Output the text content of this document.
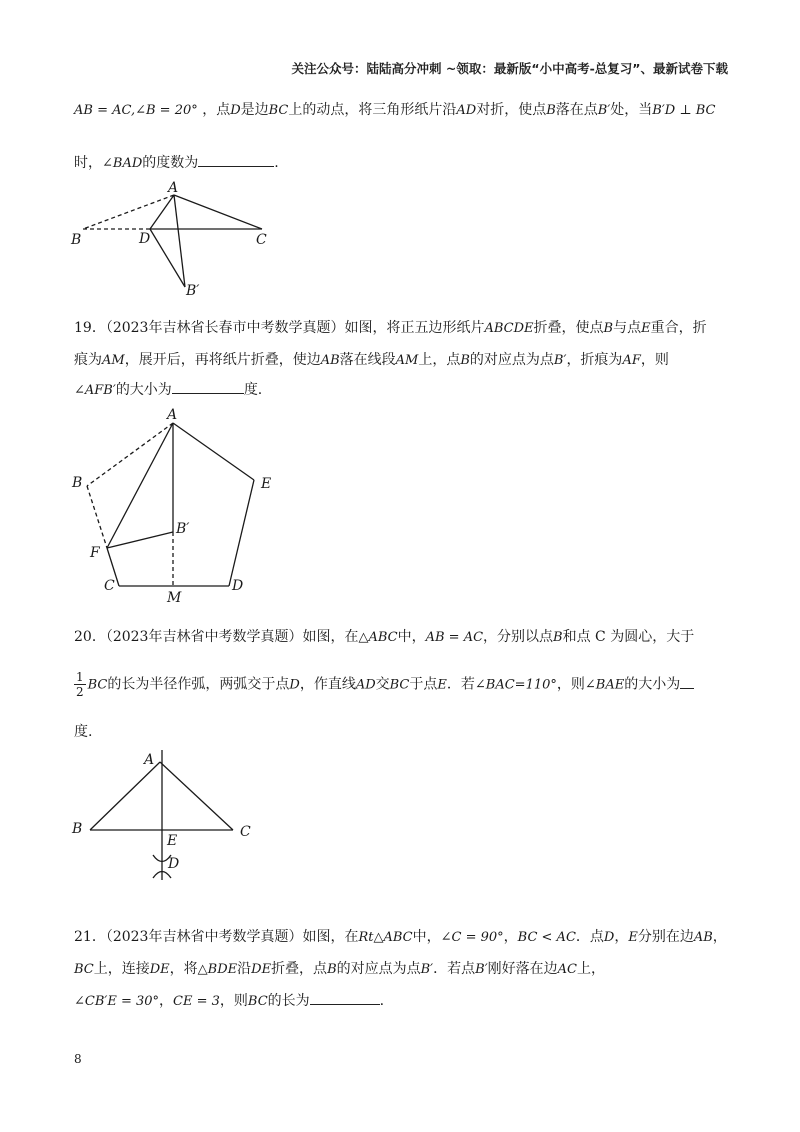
关注公众号：陆陆高分冲刺 ~领取：最新版“小中高考-总复习”、最新试卷下载
AB = AC,∠B = 20° ，点D是边BC上的动点，将三角形纸片沿AD对折，使点B落在点B′处，当B′D ⊥ BC
时，∠BAD的度数为	.
A
B	D	C
B′
A
B	E
B′
F
C	D
M
A
B	C
E
D
19．（2023年吉林省长春市中考数学真题）如图，将正五边形纸片ABCDE折叠，使点B与点E重合，折
痕为AM，展开后，再将纸片折叠，使边AB落在线段AM上，点B的对应点为点B′，折痕为AF，则
∠AFB′的大小为	度.
20．（2023年吉林省中考数学真题）如图，在△ABC中，AB = AC，分别以点B和点 C 为圆心，大于
$\frac{1}{2}$ BC的长为半径作弧，两弧交于点D，作直线AD交BC于点E．若∠BAC=110°，则∠BAE的大小为
度.
21．（2023年吉林省中考数学真题）如图，在Rt△ABC中，∠C = 90°，BC < AC．点D，E分别在边AB，
BC上，连接DE，将△BDE沿DE折叠，点B的对应点为点B′．若点B′刚好落在边AC上，
∠CB′E = 30°，CE = 3，则BC的长为	.
8
